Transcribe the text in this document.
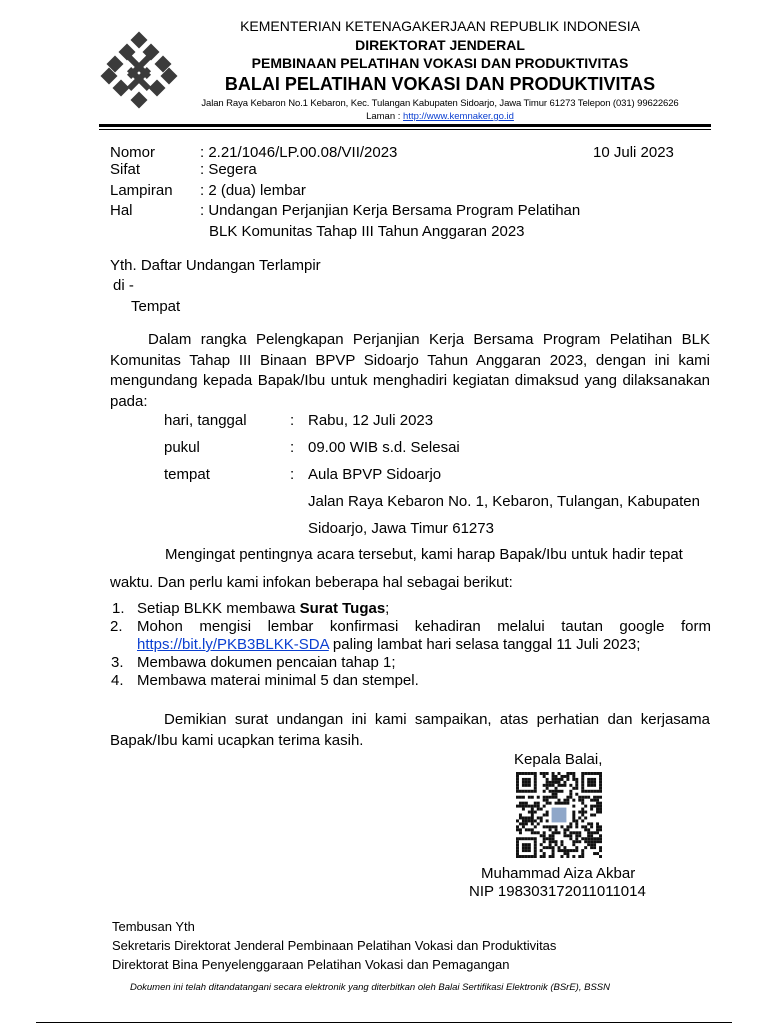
KEMENTERIAN KETENAGAKERJAAN REPUBLIK INDONESIA
DIREKTORAT JENDERAL
PEMBINAAN PELATIHAN VOKASI DAN PRODUKTIVITAS
BALAI PELATIHAN VOKASI DAN PRODUKTIVITAS
Jalan Raya Kebaron No.1 Kebaron, Kec. Tulangan Kabupaten Sidoarjo, Jawa Timur 61273 Telepon (031) 99622626
Laman : http://www.kemnaker.go.id
Nomor	: 2.21/1046/LP.00.08/VII/2023	10 Juli 2023
Sifat	: Segera
Lampiran : 2 (dua) lembar
Hal	: Undangan Perjanjian Kerja Bersama Program Pelatihan
BLK Komunitas Tahap III Tahun Anggaran 2023
Yth. Daftar Undangan Terlampir
di -
Tempat
Dalam rangka Pelengkapan Perjanjian Kerja Bersama Program Pelatihan BLK Komunitas Tahap III Binaan BPVP Sidoarjo Tahun Anggaran 2023, dengan ini kami mengundang kepada Bapak/Ibu untuk menghadiri kegiatan dimaksud yang dilaksanakan pada:
hari, tanggal	: Rabu, 12 Juli 2023
pukul	: 09.00 WIB s.d. Selesai
tempat	: Aula BPVP Sidoarjo
Jalan Raya Kebaron No. 1, Kebaron, Tulangan, Kabupaten
Sidoarjo, Jawa Timur 61273
Mengingat pentingnya acara tersebut, kami harap Bapak/Ibu untuk hadir tepat
waktu. Dan perlu kami infokan beberapa hal sebagai berikut:
1. Setiap BLKK membawa Surat Tugas;
2. Mohon mengisi lembar konfirmasi kehadiran melalui tautan google form
https://bit.ly/PKB3BLKK-SDA paling lambat hari selasa tanggal 11 Juli 2023;
3. Membawa dokumen pencaian tahap 1;
4. Membawa materai minimal 5 dan stempel.
Demikian surat undangan ini kami sampaikan, atas perhatian dan kerjasama Bapak/Ibu kami ucapkan terima kasih.
Kepala Balai,
Muhammad Aiza Akbar
NIP 198303172011011014
Tembusan Yth
Sekretaris Direktorat Jenderal Pembinaan Pelatihan Vokasi dan Produktivitas
Direktorat Bina Penyelenggaraan Pelatihan Vokasi dan Pemagangan
Dokumen ini telah ditandatangani secara elektronik yang diterbitkan oleh Balai Sertifikasi Elektronik (BSrE), BSSN
